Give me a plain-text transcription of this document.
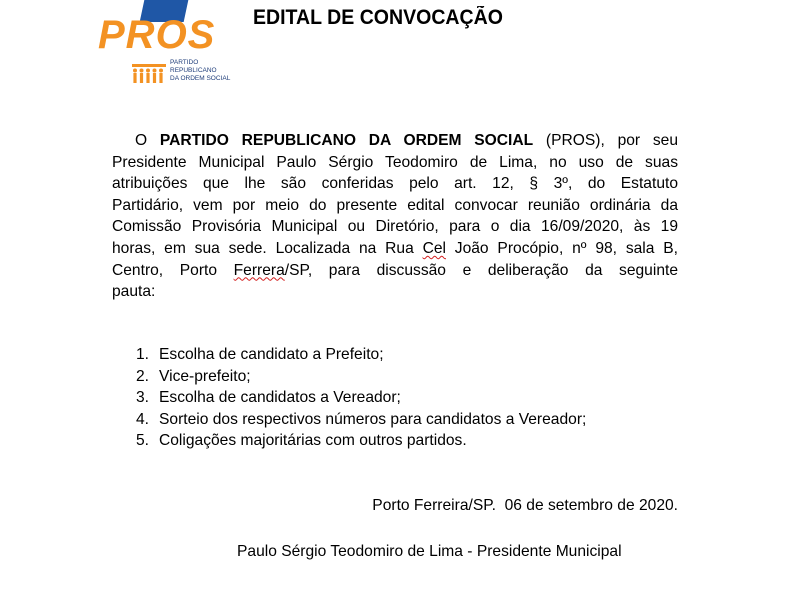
PROS
PARTIDO
REPUBLICANO
DA ORDEM SOCIAL
EDITAL DE CONVOCAÇÃO
O PARTIDO REPUBLICANO DA ORDEM SOCIAL (PROS), por seu
Presidente Municipal Paulo Sérgio Teodomiro de Lima, no uso de suas
atribuições que lhe são conferidas pelo art. 12, § 3º, do Estatuto
Partidário, vem por meio do presente edital convocar reunião ordinária da
Comissão Provisória Municipal ou Diretório, para o dia 16/09/2020, às 19
horas, em sua sede. Localizada na Rua Cel João Procópio, nº 98, sala B,
Centro, Porto Ferrera/SP, para discussão e deliberação da seguinte
pauta:
1. Escolha de candidato a Prefeito;
2. Vice-prefeito;
3. Escolha de candidatos a Vereador;
4. Sorteio dos respectivos números para candidatos a Vereador;
5. Coligações majoritárias com outros partidos.
Porto Ferreira/SP.  06 de setembro de 2020.
Paulo Sérgio Teodomiro de Lima - Presidente Municipal
